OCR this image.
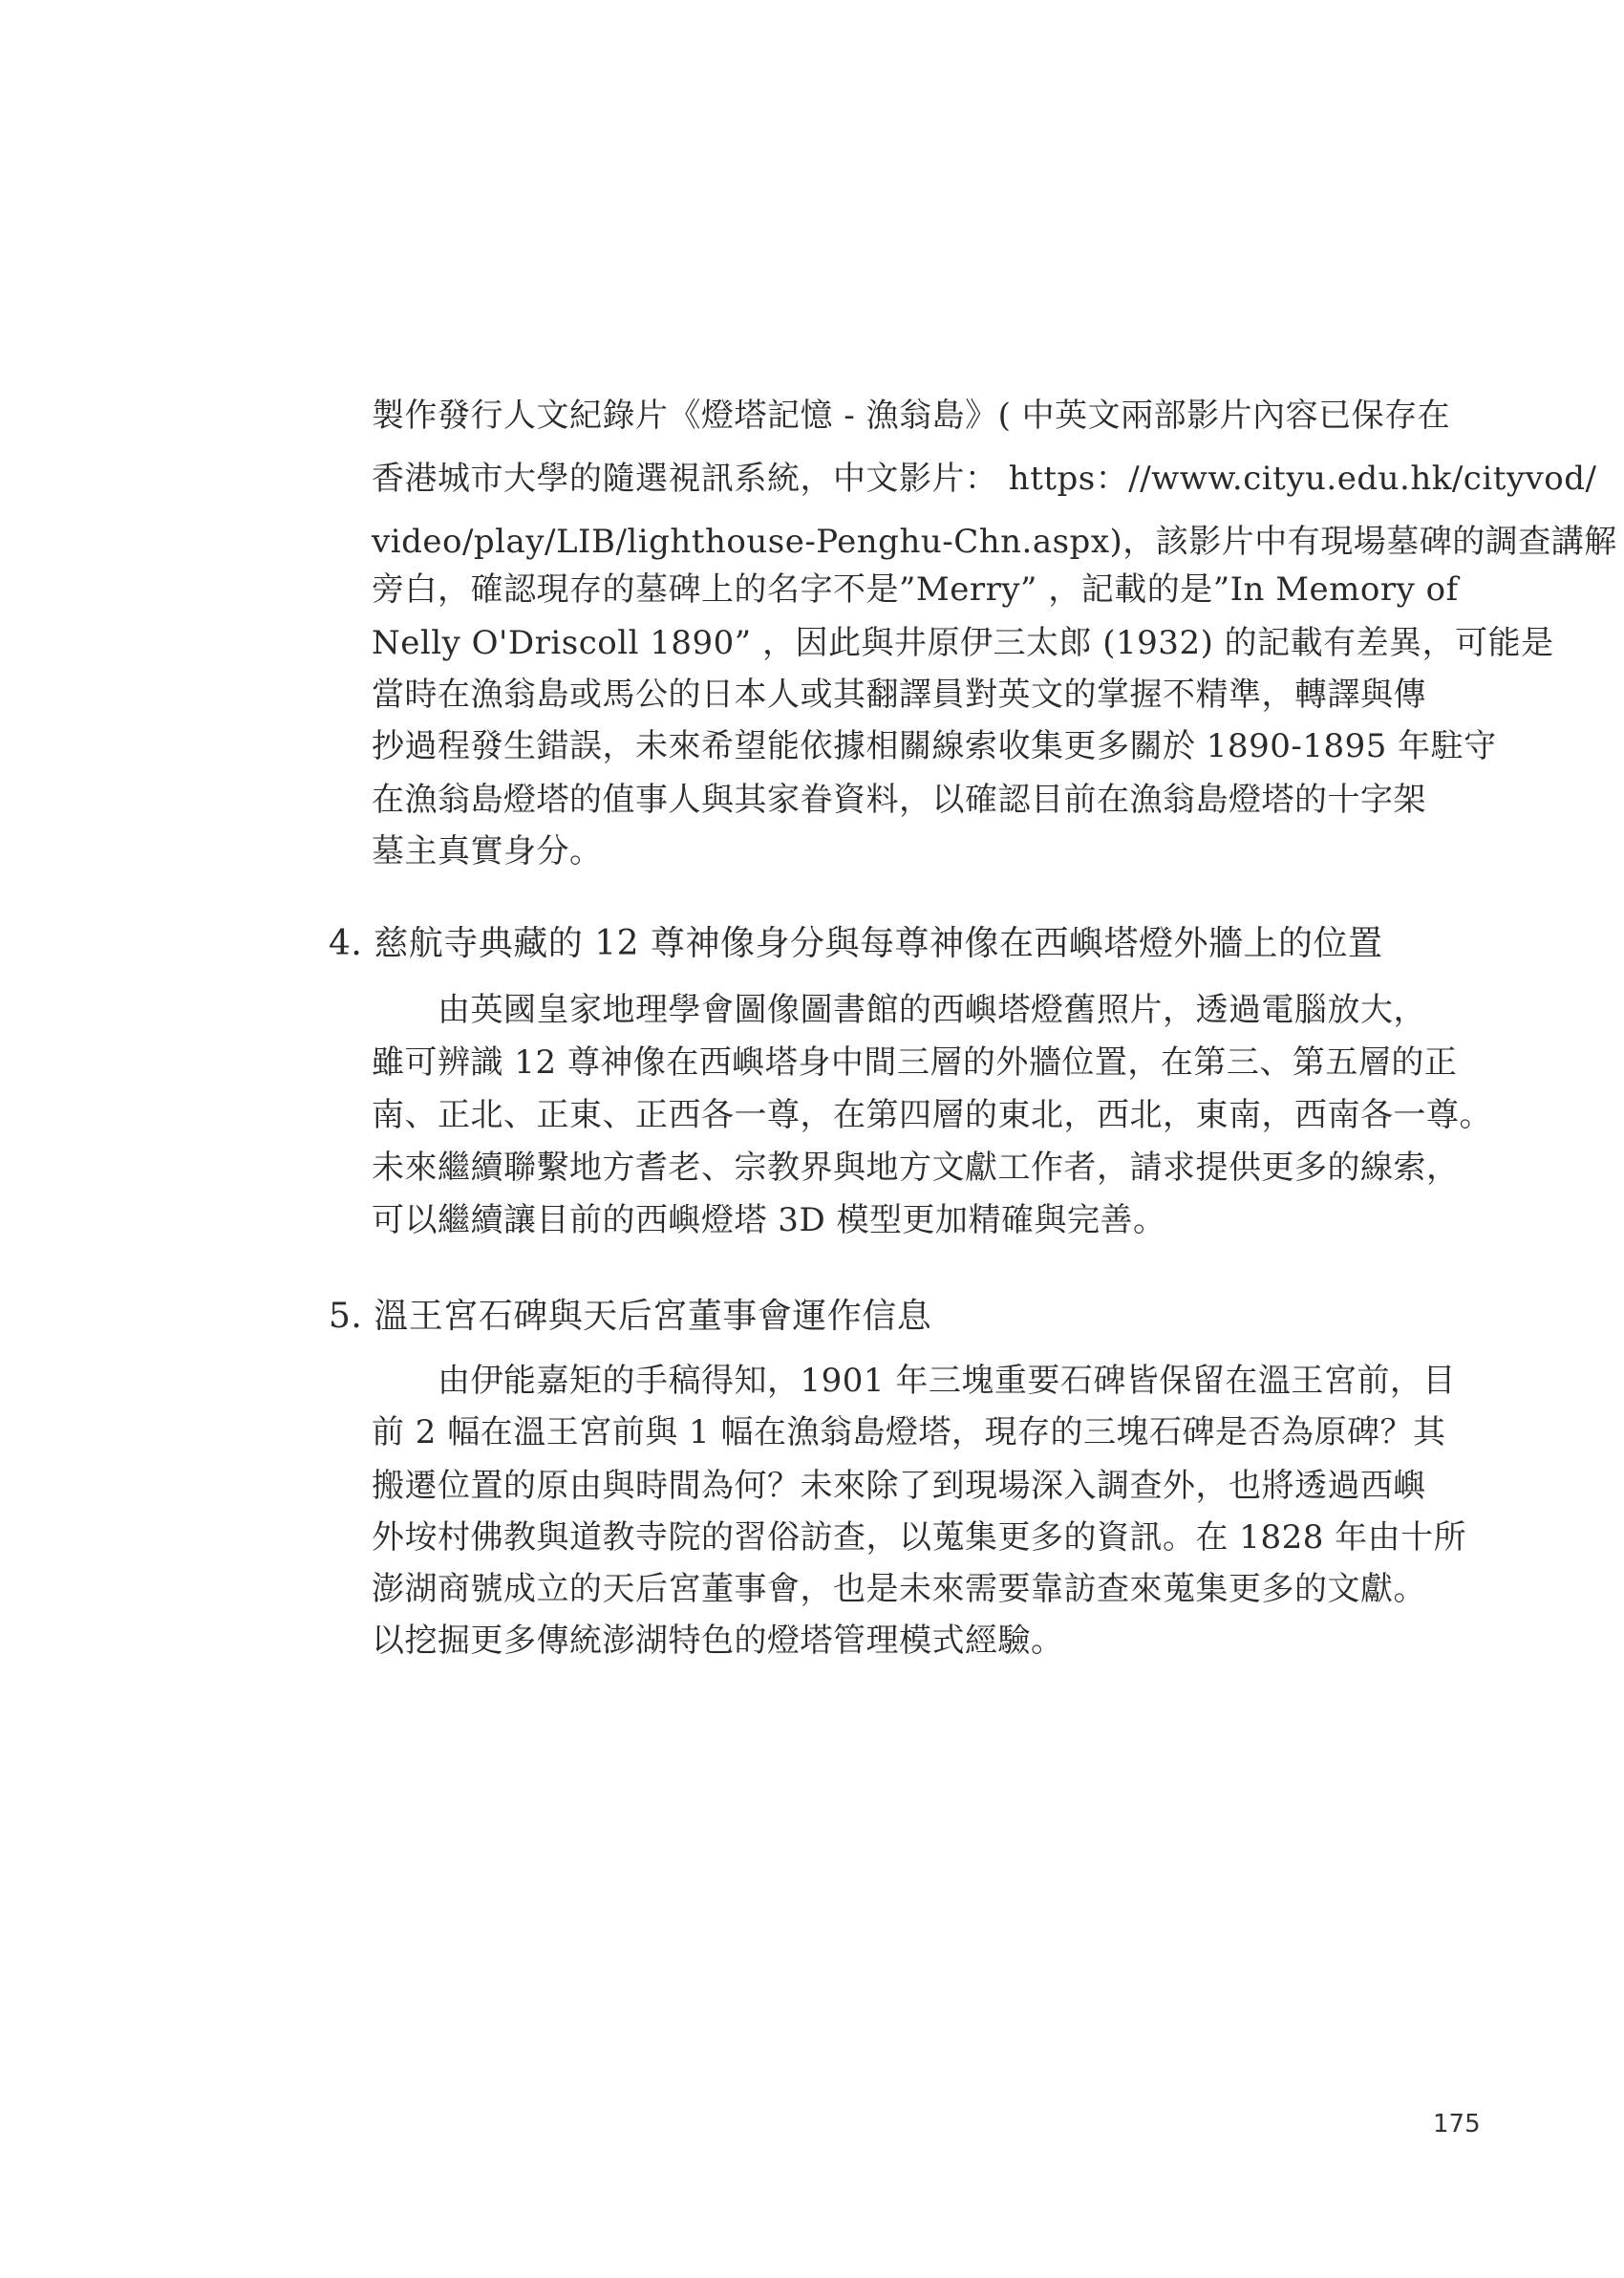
製作發行人文紀錄片《燈塔記憶 - 漁翁島》( 中英文兩部影片內容已保存在
香港城市大學的隨選視訊系統，中文影片： https：//www.cityu.edu.hk/cityvod/
video/play/LIB/lighthouse-Penghu-Chn.aspx)，該影片中有現場墓碑的調查講解
旁白，確認現存的墓碑上的名字不是”Merry” ，記載的是”In Memory of
Nelly O'Driscoll 1890” ，因此與井原伊三太郎 (1932) 的記載有差異，可能是
當時在漁翁島或馬公的日本人或其翻譯員對英文的掌握不精準，轉譯與傳
抄過程發生錯誤，未來希望能依據相關線索收集更多關於 1890-1895 年駐守
在漁翁島燈塔的值事人與其家眷資料，以確認目前在漁翁島燈塔的十字架
墓主真實身分。
4. 慈航寺典藏的 12 尊神像身分與每尊神像在西嶼塔燈外牆上的位置
由英國皇家地理學會圖像圖書館的西嶼塔燈舊照片，透過電腦放大，
雖可辨識 12 尊神像在西嶼塔身中間三層的外牆位置，在第三、第五層的正
南、正北、正東、正西各一尊，在第四層的東北，西北，東南，西南各一尊。
未來繼續聯繫地方耆老、宗教界與地方文獻工作者，請求提供更多的線索，
可以繼續讓目前的西嶼燈塔 3D 模型更加精確與完善。
5. 溫王宮石碑與天后宮董事會運作信息
由伊能嘉矩的手稿得知，1901 年三塊重要石碑皆保留在溫王宮前，目
前 2 幅在溫王宮前與 1 幅在漁翁島燈塔，現存的三塊石碑是否為原碑？其
搬遷位置的原由與時間為何？未來除了到現場深入調查外，也將透過西嶼
外垵村佛教與道教寺院的習俗訪查，以蒐集更多的資訊。在 1828 年由十所
澎湖商號成立的天后宮董事會，也是未來需要靠訪查來蒐集更多的文獻。
以挖掘更多傳統澎湖特色的燈塔管理模式經驗。
175
